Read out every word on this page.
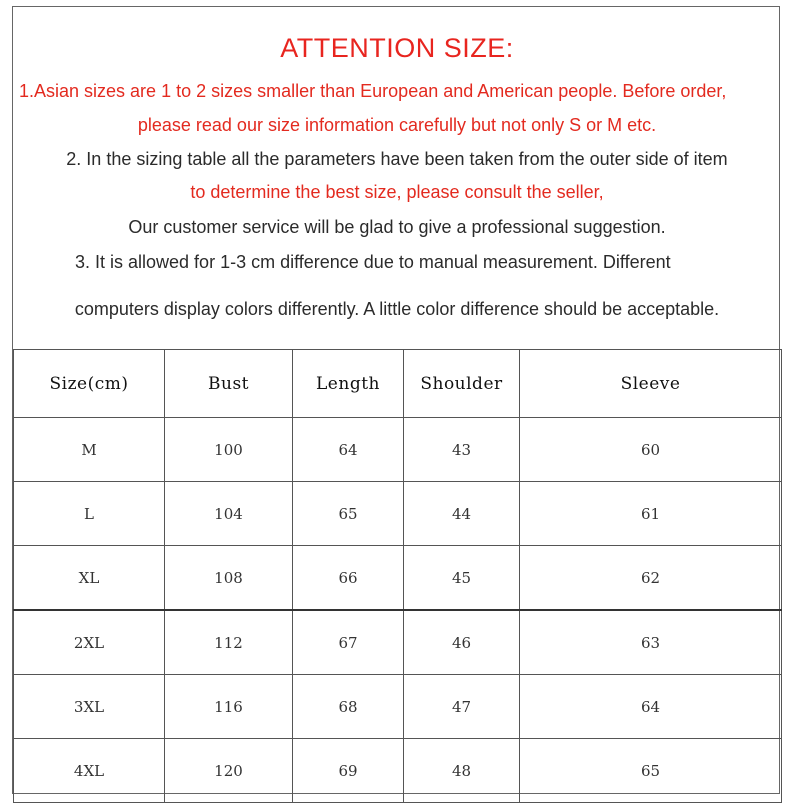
ATTENTION SIZE:
1.Asian sizes are 1 to 2 sizes smaller than European and American people. Before order,
please read our size information carefully but not only S or M etc.
2. In the sizing table all the parameters have been taken from the outer side of item
to determine the best size, please consult the seller,
Our customer service will be glad to give a professional suggestion.
3. It is allowed for 1-3 cm difference due to manual measurement. Different
computers display colors differently. A little color difference should be acceptable.
Size(cm)	Bust	Length	Shoulder	Sleeve
M	100	64	43	60
L	104	65	44	61
XL	108	66	45	62
2XL	112	67	46	63
3XL	116	68	47	64
4XL	120	69	48	65
